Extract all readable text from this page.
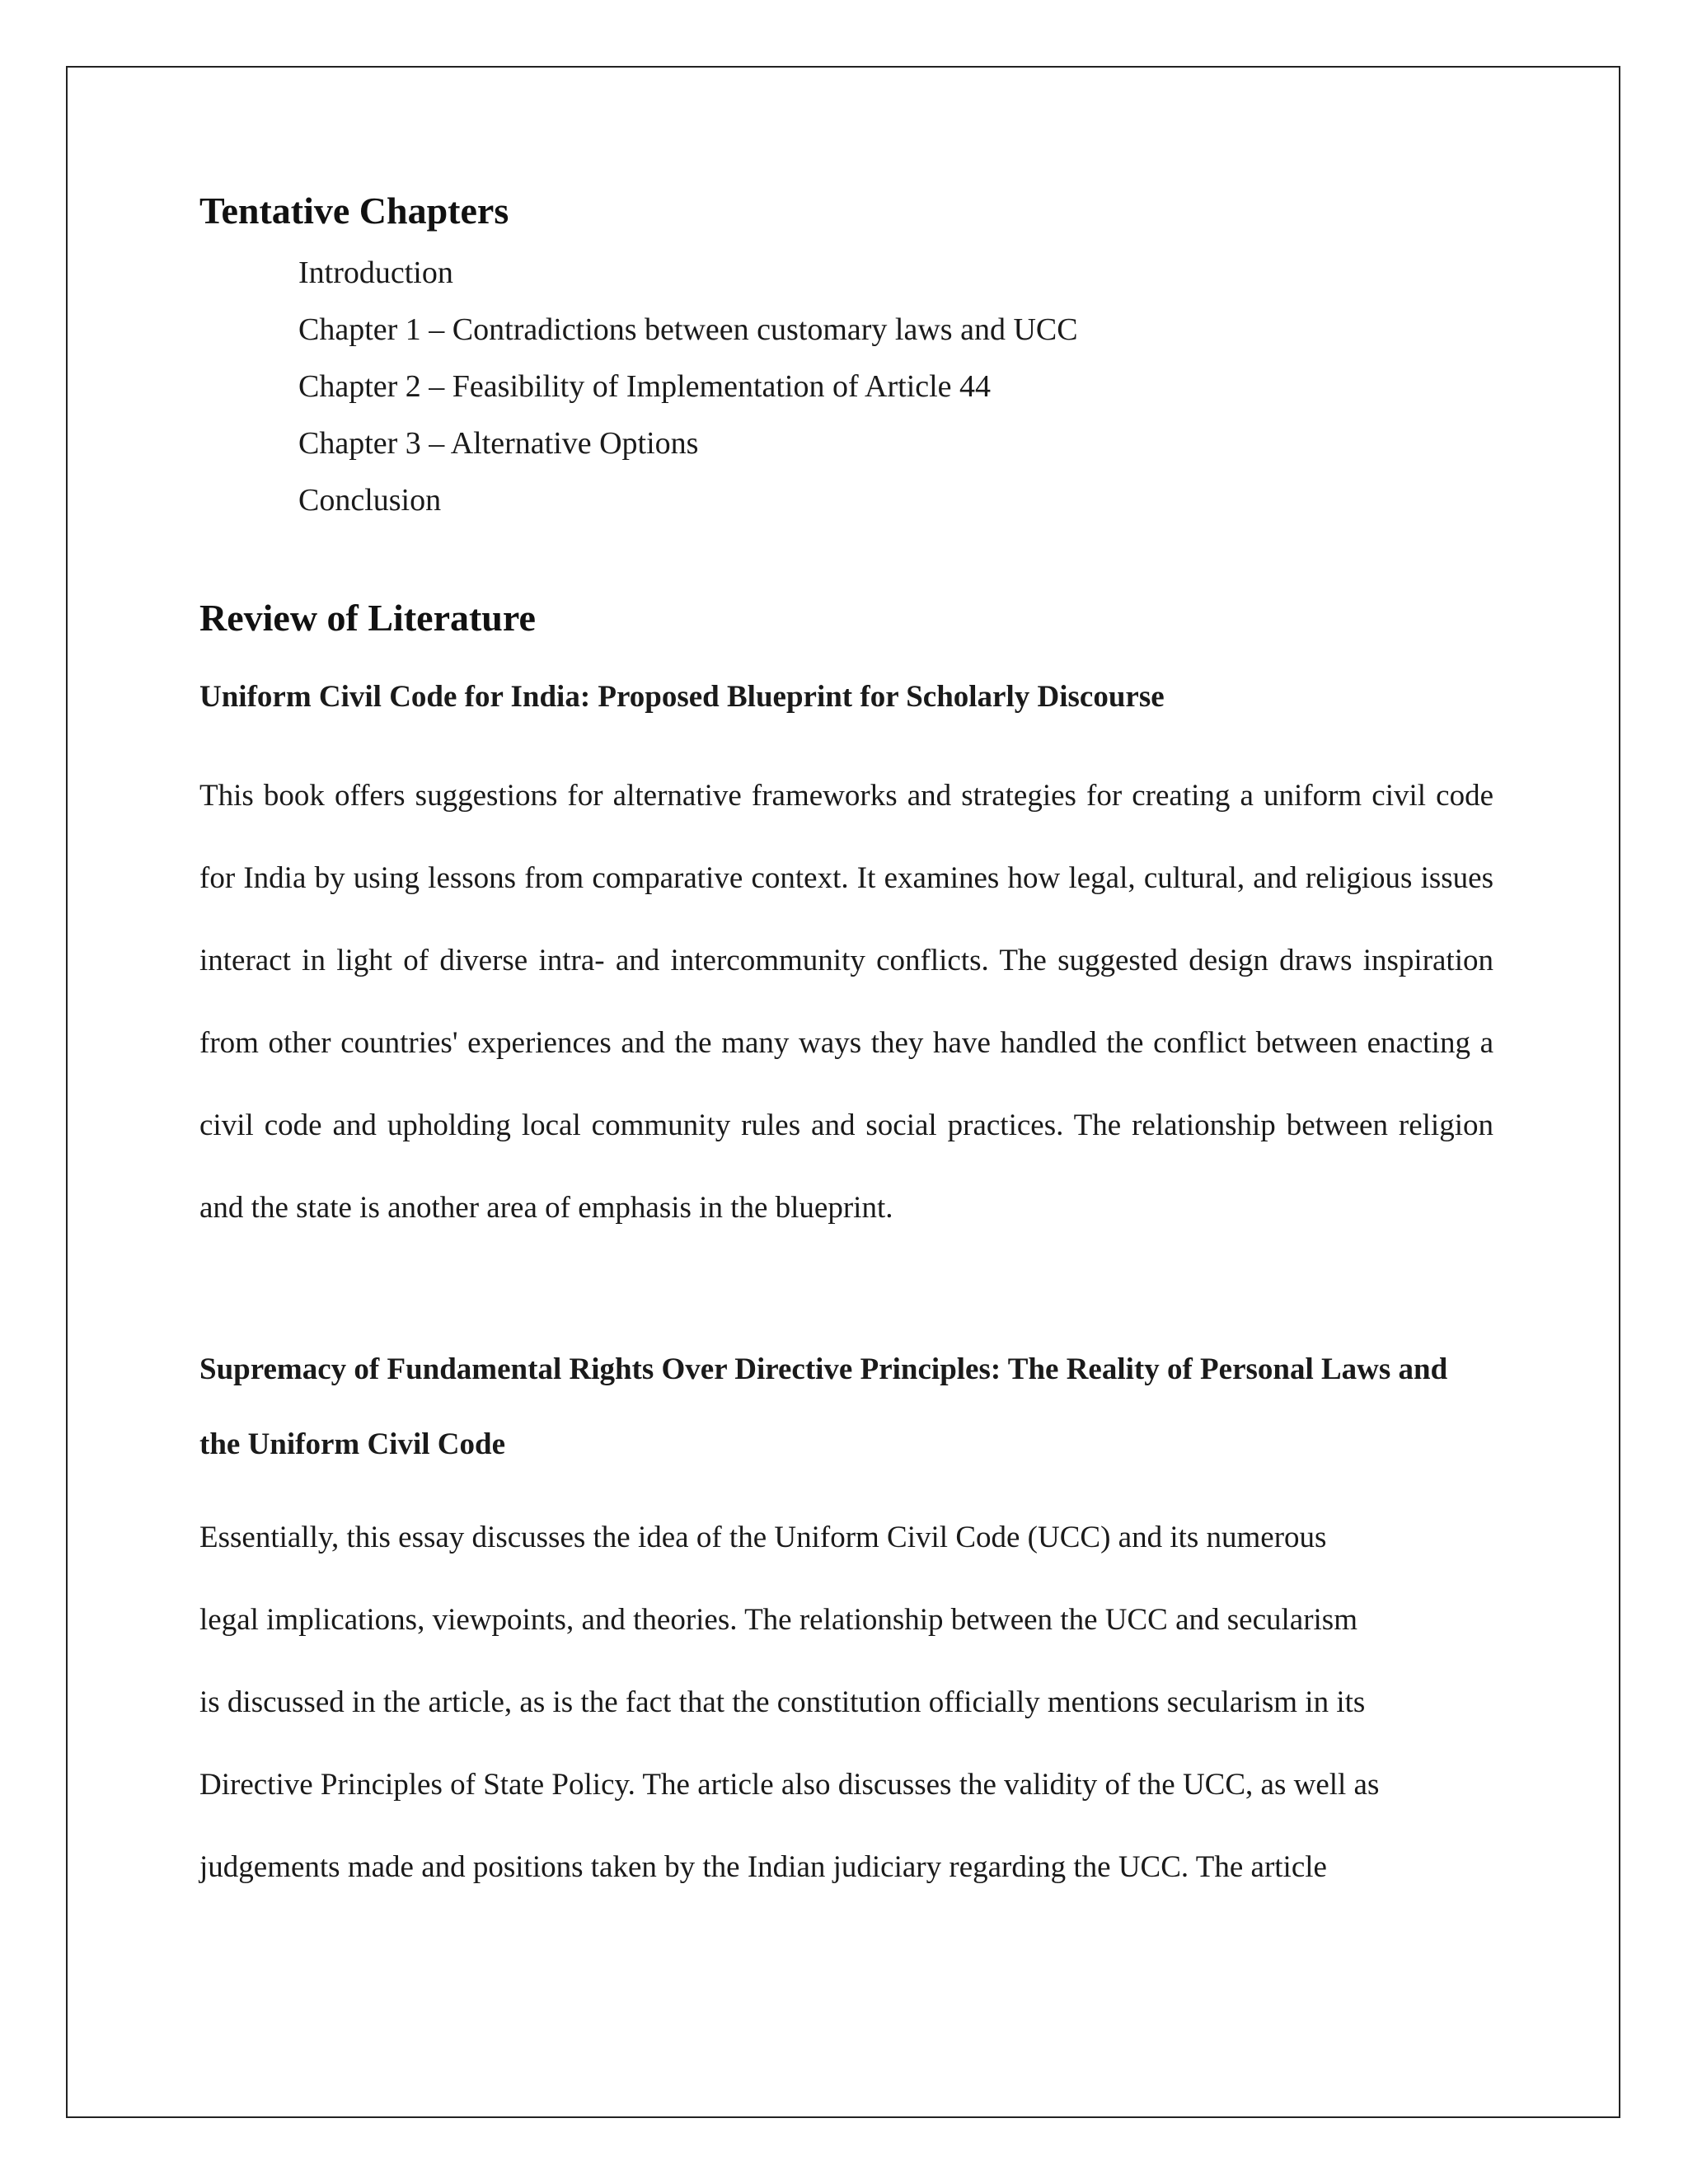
Tentative Chapters
Introduction
Chapter 1 – Contradictions between customary laws and UCC
Chapter 2 – Feasibility of Implementation of Article 44
Chapter 3 – Alternative Options
Conclusion
Review of Literature
Uniform Civil Code for India: Proposed Blueprint for Scholarly Discourse

This book offers suggestions for alternative frameworks and strategies for creating a uniform civil code for India by using lessons from comparative context. It examines how legal, cultural, and religious issues interact in light of diverse intra- and intercommunity conflicts. The suggested design draws inspiration from other countries' experiences and the many ways they have handled the conflict between enacting a civil code and upholding local community rules and social practices. The relationship between religion and the state is another area of emphasis in the blueprint.

Supremacy of Fundamental Rights Over Directive Principles: The Reality of Personal Laws and the Uniform Civil Code

Essentially, this essay discusses the idea of the Uniform Civil Code (UCC) and its numerous
legal implications, viewpoints, and theories. The relationship between the UCC and secularism
is discussed in the article, as is the fact that the constitution officially mentions secularism in its
Directive Principles of State Policy. The article also discusses the validity of the UCC, as well as
judgements made and positions taken by the Indian judiciary regarding the UCC. The article
